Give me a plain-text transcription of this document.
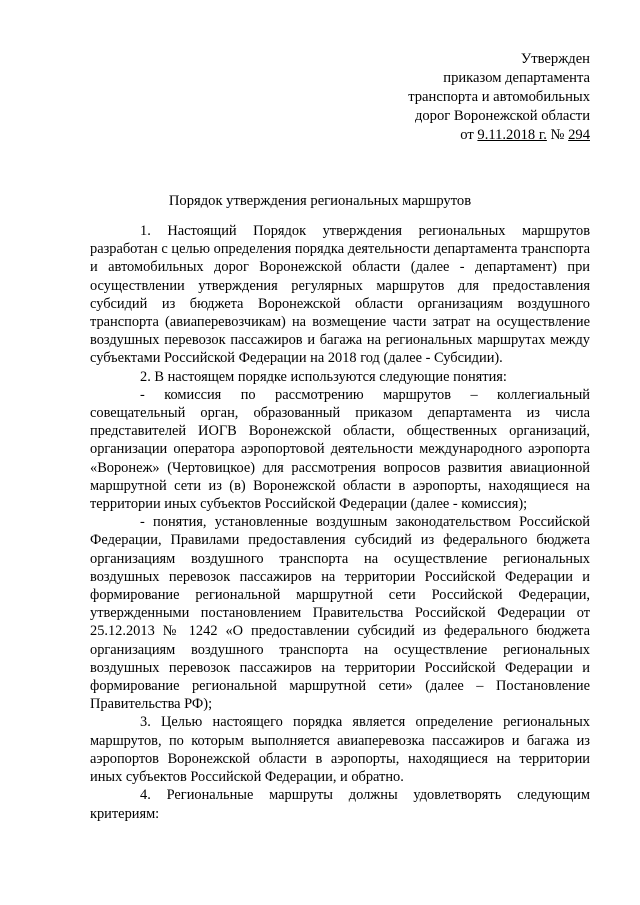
Утвержден
приказом департамента
транспорта и автомобильных
дорог Воронежской области
от 9.11.2018 г. № 294
Порядок утверждения региональных маршрутов

1. Настоящий Порядок утверждения региональных маршрутов разработан с целью определения порядка деятельности департамента транспорта и автомобильных дорог Воронежской области (далее - департамент) при осуществлении утверждения регулярных маршрутов для предоставления субсидий из бюджета Воронежской области организациям воздушного транспорта (авиаперевозчикам) на возмещение части затрат на осуществление воздушных перевозок пассажиров и багажа на региональных маршрутах между субъектами Российской Федерации на 2018 год (далее - Субсидии).

2. В настоящем порядке используются следующие понятия:

- комиссия по рассмотрению маршрутов – коллегиальный совещательный орган, образованный приказом департамента из числа представителей ИОГВ Воронежской области, общественных организаций, организации оператора аэропортовой деятельности международного аэропорта «Воронеж» (Чертовицкое) для рассмотрения вопросов развития авиационной маршрутной сети из (в) Воронежской области в аэропорты, находящиеся на территории иных субъектов Российской Федерации (далее - комиссия);

- понятия, установленные воздушным законодательством Российской Федерации, Правилами предоставления субсидий из федерального бюджета организациям воздушного транспорта на осуществление региональных воздушных перевозок пассажиров на территории Российской Федерации и формирование региональной маршрутной сети Российской Федерации, утвержденными постановлением Правительства Российской Федерации от 25.12.2013 № 1242 «О предоставлении субсидий из федерального бюджета организациям воздушного транспорта на осуществление региональных воздушных перевозок пассажиров на территории Российской Федерации и формирование региональной маршрутной сети» (далее – Постановление Правительства РФ);

3. Целью настоящего порядка является определение региональных маршрутов, по которым выполняется авиаперевозка пассажиров и багажа из аэропортов Воронежской области в аэропорты, находящиеся на территории иных субъектов Российской Федерации, и обратно.

4. Региональные маршруты должны удовлетворять следующим критериям:
